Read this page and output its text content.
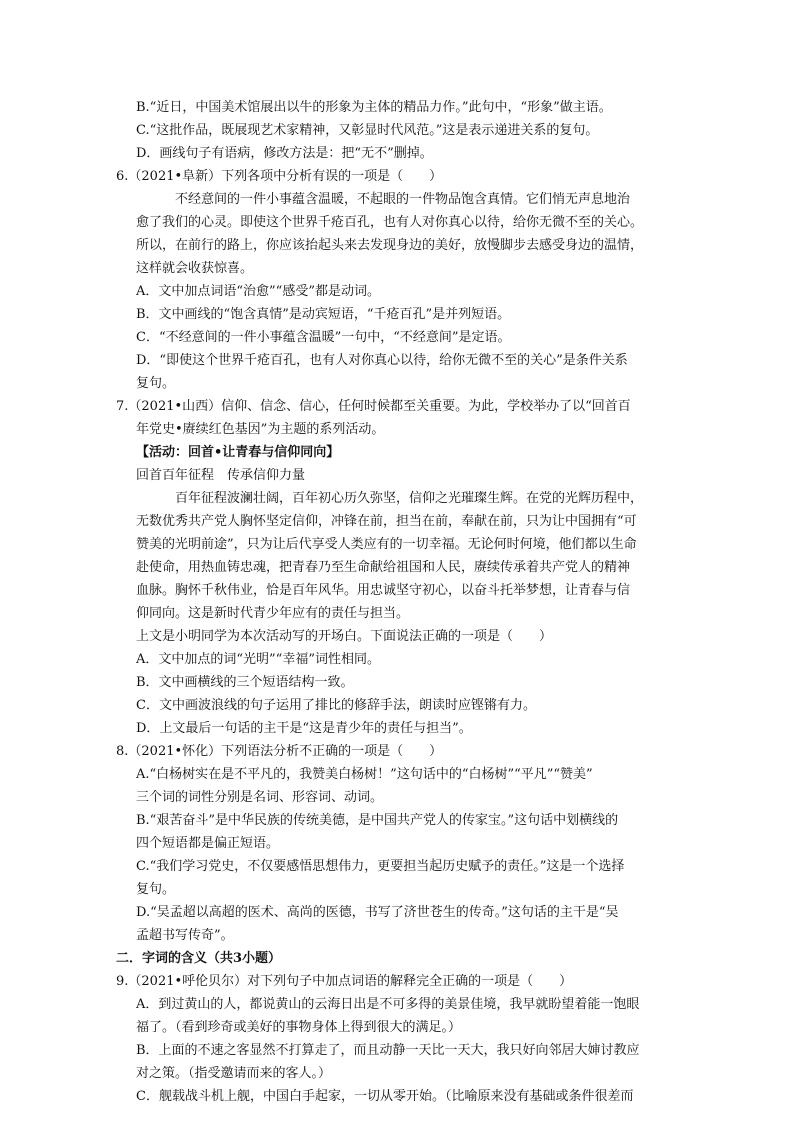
B.“近日，中国美术馆展出以牛的形象为主体的精品力作。”此句中，“形象”做主语。
C.“这批作品，既展现艺术家精神，又彰显时代风范。”这是表示递进关系的复句。
D．画线句子有语病，修改方法是：把“无不”删掉。
6.（2021•阜新）下列各项中分析有误的一项是（　　）
　不经意间的一件小事蕴含温暖，不起眼的一件物品饱含真情。它们悄无声息地治
愈了我们的心灵。即使这个世界千疮百孔，也有人对你真心以待，给你无微不至的关心。
所以，在前行的路上，你应该抬起头来去发现身边的美好，放慢脚步去感受身边的温情，
这样就会收获惊喜。
A．文中加点词语“治愈”“感受”都是动词。
B．文中画线的“饱含真情”是动宾短语，“千疮百孔”是并列短语。
C．“不经意间的一件小事蕴含温暖”一句中，“不经意间”是定语。
D．“即使这个世界千疮百孔，也有人对你真心以待，给你无微不至的关心”是条件关系
复句。
7.（2021•山西）信仰、信念、信心，任何时候都至关重要。为此，学校举办了以“回首百
年党史•赓续红色基因”为主题的系列活动。
【活动：回首•让青春与信仰同向】
回首百年征程　传承信仰力量
　百年征程波澜壮阔，百年初心历久弥坚，信仰之光璀璨生辉。在党的光辉历程中，
无数优秀共产党人胸怀坚定信仰，冲锋在前，担当在前，奉献在前，只为让中国拥有“可
赞美的光明前途”，只为让后代享受人类应有的一切幸福。无论何时何境，他们都以生命
赴使命，用热血铸忠魂，把青春乃至生命献给祖国和人民，赓续传承着共产党人的精神
血脉。胸怀千秋伟业，恰是百年风华。用忠诚坚守初心，以奋斗托举梦想，让青春与信
仰同向。这是新时代青少年应有的责任与担当。
上文是小明同学为本次活动写的开场白。下面说法正确的一项是（　　）
A．文中加点的词“光明”“幸福”词性相同。
B．文中画横线的三个短语结构一致。
C．文中画波浪线的句子运用了排比的修辞手法，朗读时应铿锵有力。
D．上文最后一句话的主干是“这是青少年的责任与担当”。
8.（2021•怀化）下列语法分析不正确的一项是（　　）
A.“白杨树实在是不平凡的，我赞美白杨树！”这句话中的“白杨树”“平凡”“赞美”
三个词的词性分别是名词、形容词、动词。
B.“艰苦奋斗”是中华民族的传统美德，是中国共产党人的传家宝。”这句话中划横线的
四个短语都是偏正短语。
C.“我们学习党史，不仅要感悟思想伟力，更要担当起历史赋予的责任。”这是一个选择
复句。
D.“吴孟超以高超的医术、高尚的医德，书写了济世苍生的传奇。”这句话的主干是“吴
孟超书写传奇”。
二．字词的含义（共3小题）
9.（2021•呼伦贝尔）对下列句子中加点词语的解释完全正确的一项是（　　）
A．到过黄山的人，都说黄山的云海日出是不可多得的美景佳境，我早就盼望着能一饱眼
福了。（看到珍奇或美好的事物身体上得到很大的满足。）
B．上面的不速之客显然不打算走了，而且动静一天比一天大，我只好向邻居大婶讨教应
对之策。（指受邀请而来的客人。）
C．舰载战斗机上舰，中国白手起家，一切从零开始。（比喻原来没有基础或条件很差而
